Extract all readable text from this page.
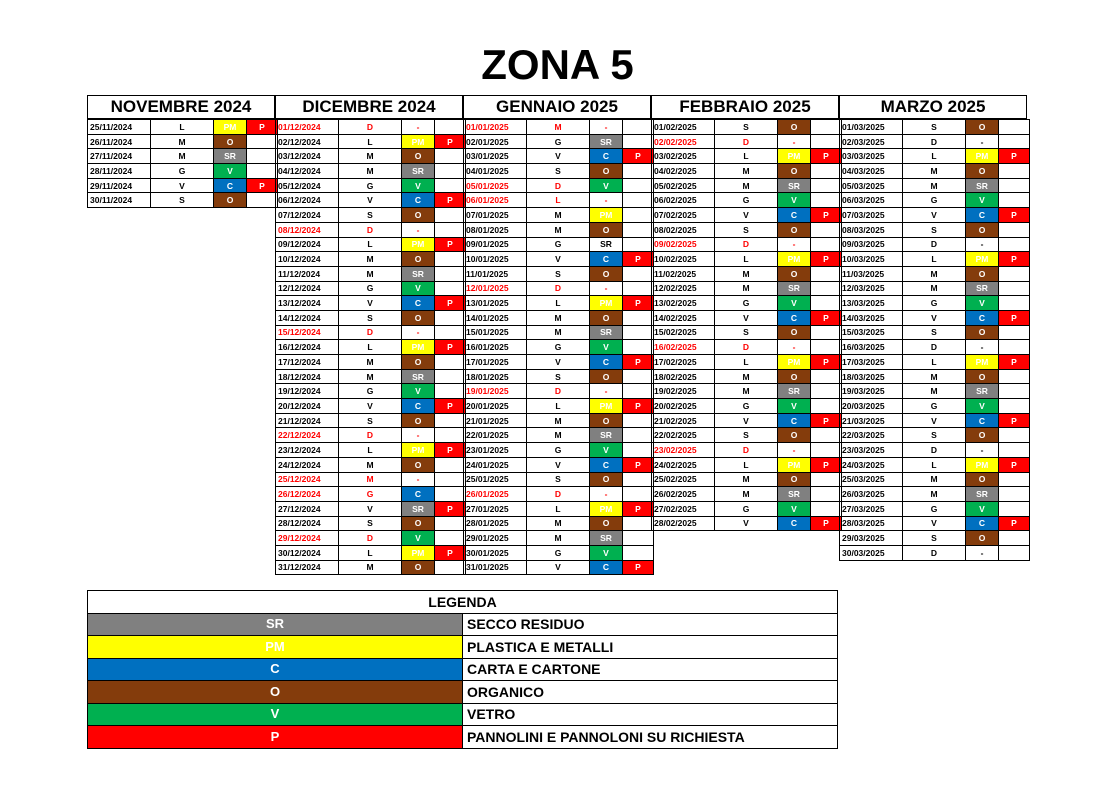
ZONA 5
NOVEMBRE 2024
25/11/2024	L	PM	P
26/11/2024	M	O	
27/11/2024	M	SR	
28/11/2024	G	V	
29/11/2024	V	C	P
30/11/2024	S	O	
DICEMBRE 2024
01/12/2024	D	-	
02/12/2024	L	PM	P
03/12/2024	M	O	
04/12/2024	M	SR	
05/12/2024	G	V	
06/12/2024	V	C	P
07/12/2024	S	O	
08/12/2024	D	-	
09/12/2024	L	PM	P
10/12/2024	M	O	
11/12/2024	M	SR	
12/12/2024	G	V	
13/12/2024	V	C	P
14/12/2024	S	O	
15/12/2024	D	-	
16/12/2024	L	PM	P
17/12/2024	M	O	
18/12/2024	M	SR	
19/12/2024	G	V	
20/12/2024	V	C	P
21/12/2024	S	O	
22/12/2024	D	-	
23/12/2024	L	PM	P
24/12/2024	M	O	
25/12/2024	M	-	
26/12/2024	G	C	
27/12/2024	V	SR	P
28/12/2024	S	O	
29/12/2024	D	V	
30/12/2024	L	PM	P
31/12/2024	M	O	
GENNAIO 2025
01/01/2025	M	-	
02/01/2025	G	SR	
03/01/2025	V	C	P
04/01/2025	S	O	
05/01/2025	D	V	
06/01/2025	L	-	
07/01/2025	M	PM	
08/01/2025	M	O	
09/01/2025	G	SR	
10/01/2025	V	C	P
11/01/2025	S	O	
12/01/2025	D	-	
13/01/2025	L	PM	P
14/01/2025	M	O	
15/01/2025	M	SR	
16/01/2025	G	V	
17/01/2025	V	C	P
18/01/2025	S	O	
19/01/2025	D	-	
20/01/2025	L	PM	P
21/01/2025	M	O	
22/01/2025	M	SR	
23/01/2025	G	V	
24/01/2025	V	C	P
25/01/2025	S	O	
26/01/2025	D	-	
27/01/2025	L	PM	P
28/01/2025	M	O	
29/01/2025	M	SR	
30/01/2025	G	V	
31/01/2025	V	C	P
FEBBRAIO 2025
01/02/2025	S	O	
02/02/2025	D	-	
03/02/2025	L	PM	P
04/02/2025	M	O	
05/02/2025	M	SR	
06/02/2025	G	V	
07/02/2025	V	C	P
08/02/2025	S	O	
09/02/2025	D	-	
10/02/2025	L	PM	P
11/02/2025	M	O	
12/02/2025	M	SR	
13/02/2025	G	V	
14/02/2025	V	C	P
15/02/2025	S	O	
16/02/2025	D	-	
17/02/2025	L	PM	P
18/02/2025	M	O	
19/02/2025	M	SR	
20/02/2025	G	V	
21/02/2025	V	C	P
22/02/2025	S	O	
23/02/2025	D	-	
24/02/2025	L	PM	P
25/02/2025	M	O	
26/02/2025	M	SR	
27/02/2025	G	V	
28/02/2025	V	C	P
MARZO 2025
01/03/2025	S	O	
02/03/2025	D	-	
03/03/2025	L	PM	P
04/03/2025	M	O	
05/03/2025	M	SR	
06/03/2025	G	V	
07/03/2025	V	C	P
08/03/2025	S	O	
09/03/2025	D	-	
10/03/2025	L	PM	P
11/03/2025	M	O	
12/03/2025	M	SR	
13/03/2025	G	V	
14/03/2025	V	C	P
15/03/2025	S	O	
16/03/2025	D	-	
17/03/2025	L	PM	P
18/03/2025	M	O	
19/03/2025	M	SR	
20/03/2025	G	V	
21/03/2025	V	C	P
22/03/2025	S	O	
23/03/2025	D	-	
24/03/2025	L	PM	P
25/03/2025	M	O	
26/03/2025	M	SR	
27/03/2025	G	V	
28/03/2025	V	C	P
29/03/2025	S	O	
30/03/2025	D	-	
LEGENDA	
SR	SECCO RESIDUO
PM	PLASTICA E METALLI
C	CARTA E CARTONE
O	ORGANICO
V	VETRO
P	PANNOLINI E PANNOLONI SU RICHIESTA
